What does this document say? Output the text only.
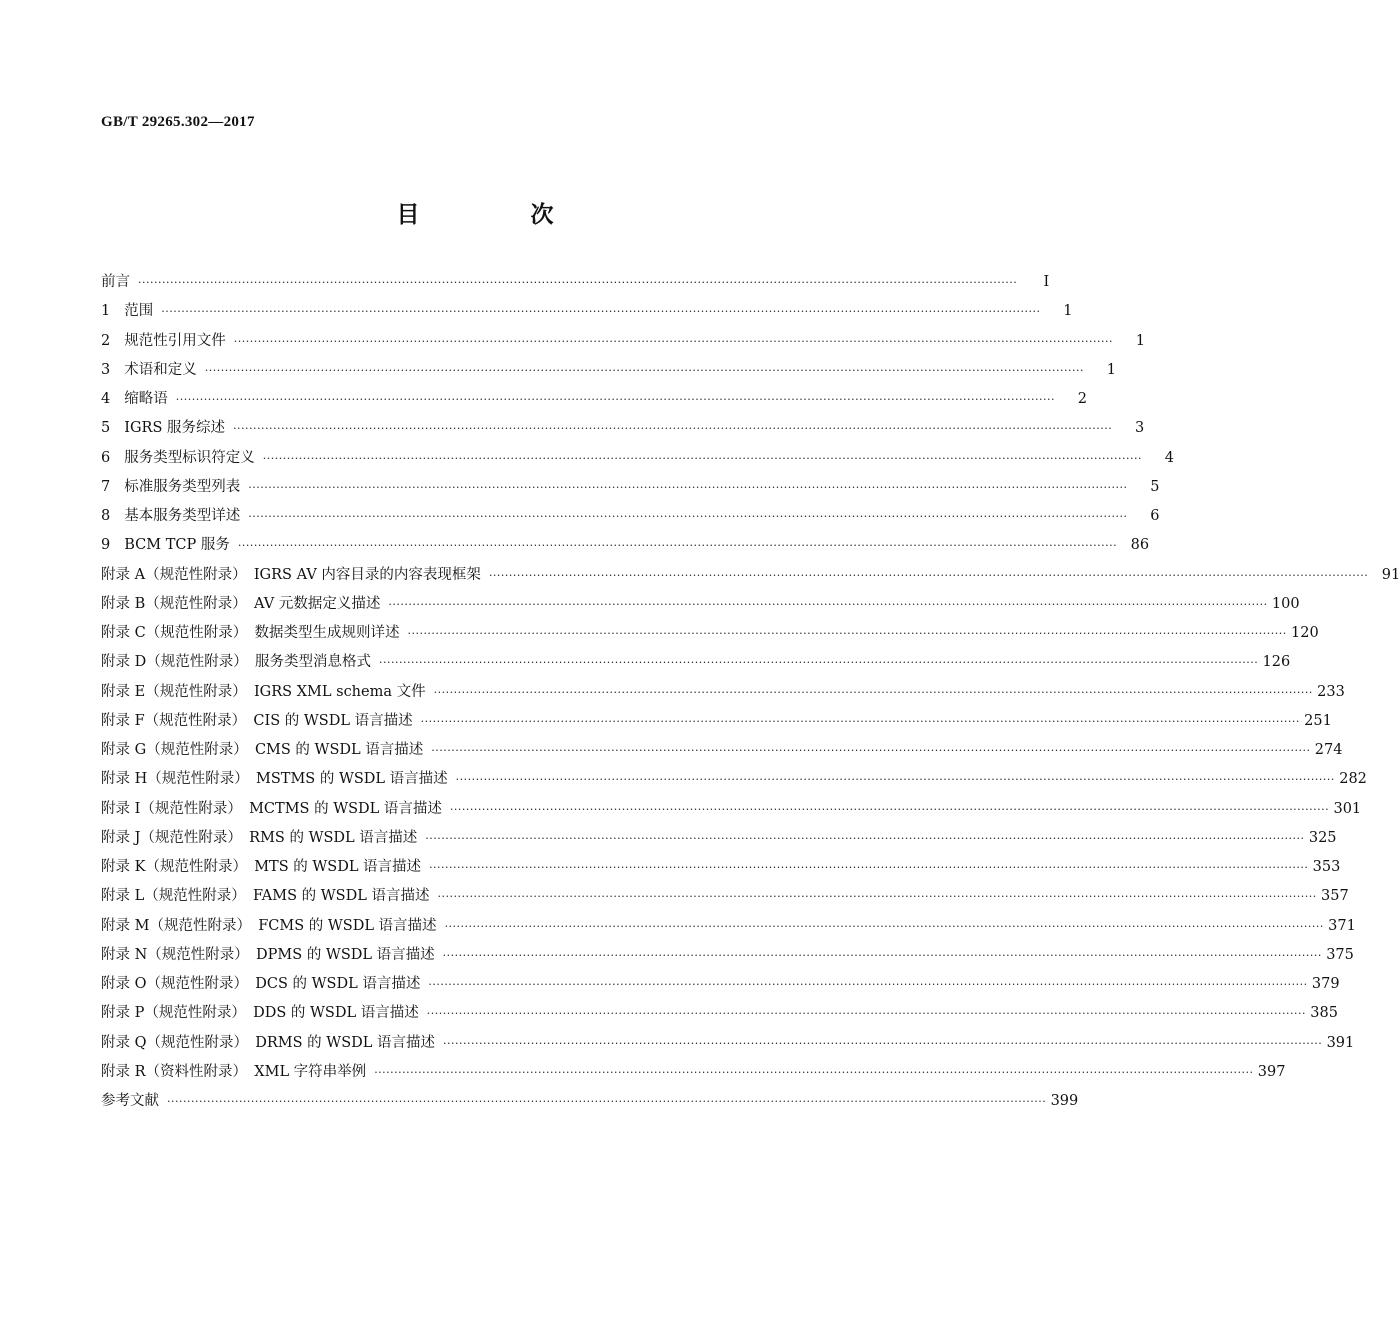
GB/T 29265.302—2017
目　次
前言 ····························································································································································································································	Ⅰ
1 范围 ····························································································································································································································	1
2 规范性引用文件 ····························································································································································································································	1
3 术语和定义 ····························································································································································································································	1
4 缩略语 ····························································································································································································································	2
5 IGRS 服务综述 ····························································································································································································································	3
6 服务类型标识符定义 ····························································································································································································································	4
7 标准服务类型列表 ····························································································································································································································	5
8 基本服务类型详述 ····························································································································································································································	6
9 BCM TCP 服务 ···························································································································································································································· 86
附录 A（规范性附录）　IGRS AV 内容目录的内容表现框架 ···························································································································································································································· 91
附录 B（规范性附录）　AV 元数据定义描述 ···························································································································································································································· 100
附录 C（规范性附录）　数据类型生成规则详述 ···························································································································································································································· 120
附录 D（规范性附录）　服务类型消息格式 ···························································································································································································································· 126
附录 E（规范性附录）　IGRS XML schema 文件 ···························································································································································································································· 233
附录 F（规范性附录）　CIS 的 WSDL 语言描述 ···························································································································································································································· 251
附录 G（规范性附录）　CMS 的 WSDL 语言描述 ···························································································································································································································· 274
附录 H（规范性附录）　MSTMS 的 WSDL 语言描述 ···························································································································································································································· 282
附录 I（规范性附录）　MCTMS 的 WSDL 语言描述 ···························································································································································································································· 301
附录 J（规范性附录）　RMS 的 WSDL 语言描述 ···························································································································································································································· 325
附录 K（规范性附录）　MTS 的 WSDL 语言描述 ···························································································································································································································· 353
附录 L（规范性附录）　FAMS 的 WSDL 语言描述 ···························································································································································································································· 357
附录 M（规范性附录）　FCMS 的 WSDL 语言描述 ···························································································································································································································· 371
附录 N（规范性附录）　DPMS 的 WSDL 语言描述 ···························································································································································································································· 375
附录 O（规范性附录）　DCS 的 WSDL 语言描述 ···························································································································································································································· 379
附录 P（规范性附录）　DDS 的 WSDL 语言描述 ···························································································································································································································· 385
附录 Q（规范性附录）　DRMS 的 WSDL 语言描述 ···························································································································································································································· 391
附录 R（资料性附录）　XML 字符串举例 ···························································································································································································································· 397
参考文献 ···························································································································································································································· 399
